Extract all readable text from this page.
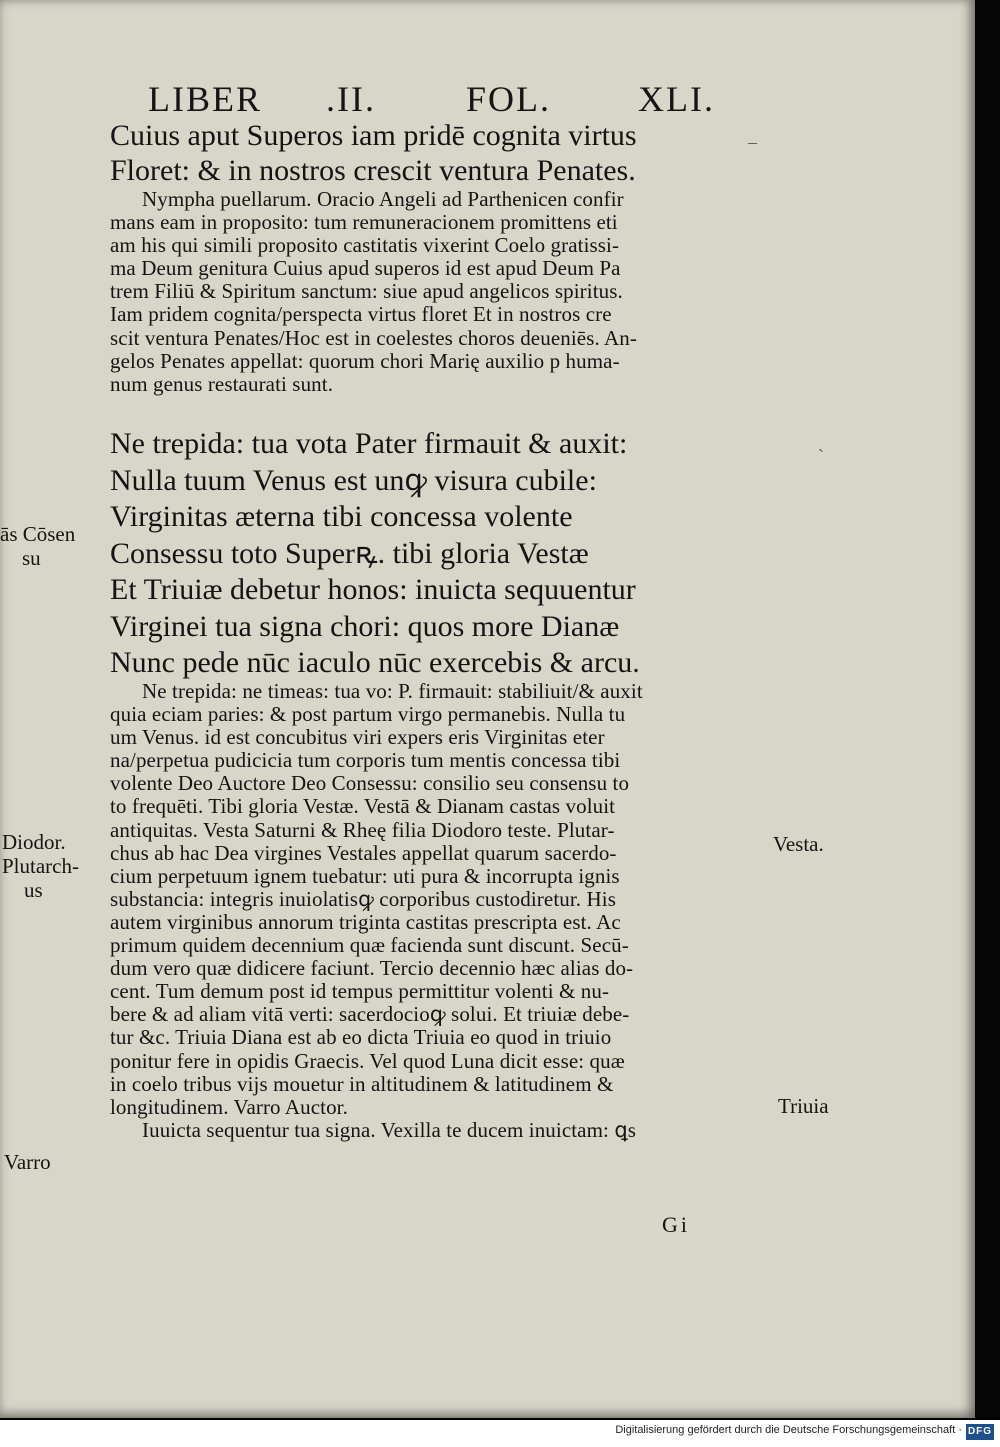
LIBER .II.	FOL. XLI.
Cuius aput Superos iam pridē cognita virtus
Floret: & in nostros crescit ventura Penates.
Nympha puellarum. Oracio Angeli ad Parthenicen confir
mans eam in proposito: tum remuneracionem promittens eti
am his qui simili proposito castitatis vixerint Coelo gratissi-
ma Deum genitura Cuius apud superos id est apud Deum Pa
trem Filiū & Spiritum sanctum: siue apud angelicos spiritus.
Iam pridem cognita/perspecta virtus floret Et in nostros cre
scit ventura Penates/Hoc est in coelestes choros deueniēs. An-
gelos Penates appellat: quorum chori Marię auxilio p huma-
num genus restaurati sunt.
Ne trepida: tua vota Pater firmauit & auxit:
Nulla tuum Venus est unꝙ visura cubile:
Virginitas æterna tibi concessa volente
Consessu toto Superꝶ. tibi gloria Vestæ
Et Triuiæ debetur honos: inuicta sequuentur
Virginei tua signa chori: quos more Dianæ
Nunc pede nūc iaculo nūc exercebis & arcu.
Ne trepida: ne timeas: tua vo: P. firmauit: stabiliuit/& auxit
quia eciam paries: & post partum virgo permanebis. Nulla tu
um Venus. id est concubitus viri expers eris Virginitas eter
na/perpetua pudicicia tum corporis tum mentis concessa tibi
volente Deo Auctore Deo Consessu: consilio seu consensu to
to frequēti. Tibi gloria Vestæ. Vestā & Dianam castas voluit
antiquitas. Vesta Saturni & Rheę filia Diodoro teste. Plutar-
chus ab hac Dea virgines Vestales appellat quarum sacerdo-
cium perpetuum ignem tuebatur: uti pura & incorrupta ignis
substancia: integris inuiolatisꝙ corporibus custodiretur. His
autem virginibus annorum triginta castitas prescripta est. Ac
primum quidem decennium quæ facienda sunt discunt. Secū-
dum vero quæ didicere faciunt. Tercio decennio hæc alias do-
cent. Tum demum post id tempus permittitur volenti & nu-
bere & ad aliam vitā verti: sacerdocioꝙ solui. Et triuiæ debe-
tur &c. Triuia Diana est ab eo dicta Triuia eo quod in triuio
ponitur fere in opidis Graecis. Vel quod Luna dicit esse: quæ
in coelo tribus vijs mouetur in altitudinem & latitudinem &
longitudinem. Varro Auctor.
Iuuicta sequentur tua signa. Vexilla te ducem inuictam: ꝗs
Gi
ās Cōsen
su
Diodor.
Plutarch-
us
Varro
Vesta.
Triuia
–
ˋ
Digitalisierung gefördert durch die Deutsche Forschungsgemeinschaft · DFG
